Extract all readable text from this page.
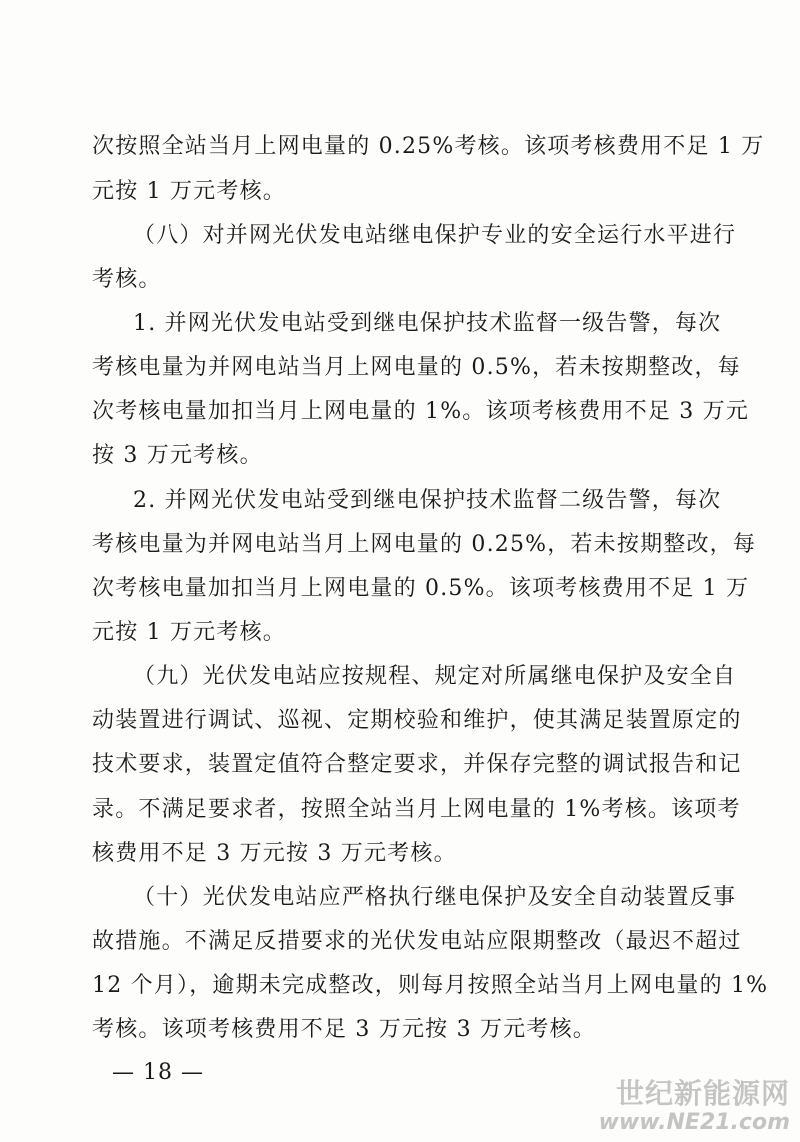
次按照全站当月上网电量的 0.25%考核。该项考核费用不足 1 万
元按 1 万元考核。
（八）对并网光伏发电站继电保护专业的安全运行水平进行
考核。
1. 并网光伏发电站受到继电保护技术监督一级告警，每次
考核电量为并网电站当月上网电量的 0.5%，若未按期整改，每
次考核电量加扣当月上网电量的 1%。该项考核费用不足 3 万元
按 3 万元考核。
2. 并网光伏发电站受到继电保护技术监督二级告警，每次
考核电量为并网电站当月上网电量的 0.25%，若未按期整改，每
次考核电量加扣当月上网电量的 0.5%。该项考核费用不足 1 万
元按 1 万元考核。
（九）光伏发电站应按规程、规定对所属继电保护及安全自
动装置进行调试、巡视、定期校验和维护，使其满足装置原定的
技术要求，装置定值符合整定要求，并保存完整的调试报告和记
录。不满足要求者，按照全站当月上网电量的 1%考核。该项考
核费用不足 3 万元按 3 万元考核。
（十）光伏发电站应严格执行继电保护及安全自动装置反事
故措施。不满足反措要求的光伏发电站应限期整改（最迟不超过
12 个月），逾期未完成整改，则每月按照全站当月上网电量的 1%
考核。该项考核费用不足 3 万元按 3 万元考核。
— 18 —
世纪新能源网
www.NE21.com
